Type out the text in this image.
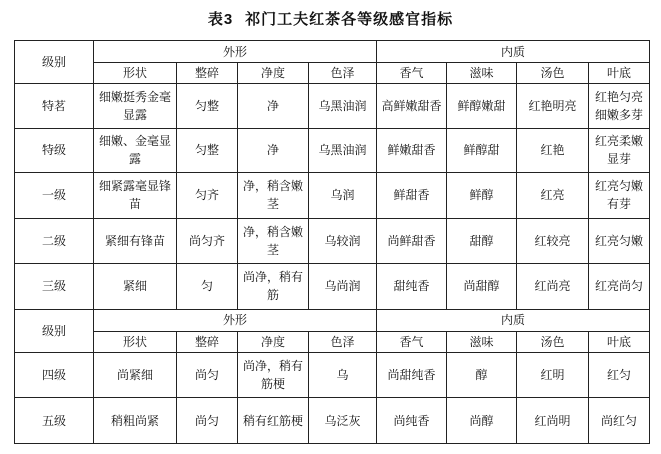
表3 祁门工夫红茶各等级感官指标
级别	外形				内质			
	形状	整碎	净度	色泽	香气	滋味	汤色	叶底
特茗	细嫩挺秀金毫显露	匀整	净	乌黑油润	高鲜嫩甜香	鲜醇嫩甜	红艳明亮	红艳匀亮细嫩多芽
特级	细嫩、金毫显露	匀整	净	乌黑油润	鲜嫩甜香	鲜醇甜	红艳	红亮柔嫩显芽
一级	细紧露毫显锋苗	匀齐	净，稍含嫩茎	乌润	鲜甜香	鲜醇	红亮	红亮匀嫩有芽
二级	紧细有锋苗	尚匀齐	净，稍含嫩茎	乌较润	尚鲜甜香	甜醇	红较亮	红亮匀嫩
三级	紧细	匀	尚净，稍有筋	乌尚润	甜纯香	尚甜醇	红尚亮	红亮尚匀
级别	外形				内质			
	形状	整碎	净度	色泽	香气	滋味	汤色	叶底
四级	尚紧细	尚匀	尚净，稍有筋梗	乌	尚甜纯香	醇	红明	红匀
五级	稍粗尚紧	尚匀	稍有红筋梗	乌泛灰	尚纯香	尚醇	红尚明	尚红匀
